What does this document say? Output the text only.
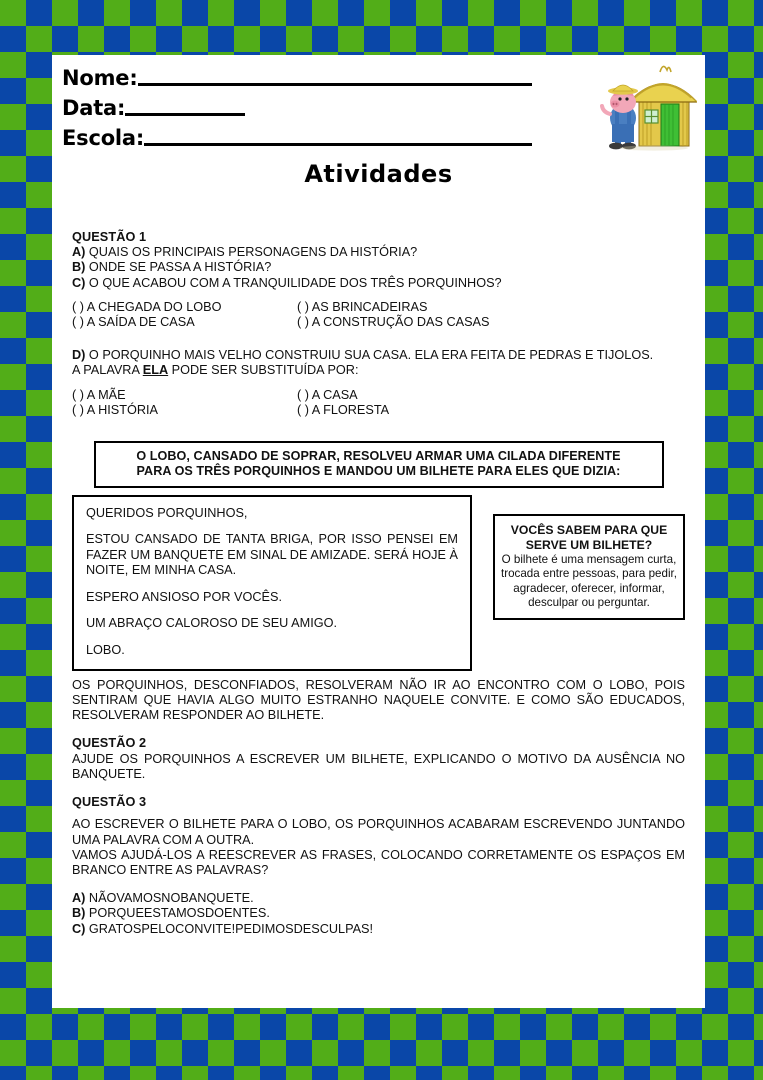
Nome:
Data:
Escola:
Atividades
QUESTÃO 1
A) QUAIS OS PRINCIPAIS PERSONAGENS DA HISTÓRIA?
B) ONDE SE PASSA A HISTÓRIA?
C) O QUE ACABOU COM A TRANQUILIDADE DOS TRÊS PORQUINHOS?
( ) A CHEGADA DO LOBO
( ) A SAÍDA DE CASA
( ) AS BRINCADEIRAS
( ) A CONSTRUÇÃO DAS CASAS

D) O PORQUINHO MAIS VELHO CONSTRUIU SUA CASA. ELA ERA FEITA DE PEDRAS E TIJOLOS.

A PALAVRA ELA PODE SER SUBSTITUÍDA POR:
( ) A MÃE
( ) A HISTÓRIA
( ) A CASA
( ) A FLORESTA
O LOBO, CANSADO DE SOPRAR, RESOLVEU ARMAR UMA CILADA DIFERENTE
PARA OS TRÊS PORQUINHOS E MANDOU UM BILHETE PARA ELES QUE DIZIA:

QUERIDOS PORQUINHOS,

ESTOU CANSADO DE TANTA BRIGA, POR ISSO PENSEI EM FAZER UM BANQUETE EM SINAL DE AMIZADE. SERÁ HOJE À NOITE, EM MINHA CASA.

ESPERO ANSIOSO POR VOCÊS.

UM ABRAÇO CALOROSO DE SEU AMIGO.

LOBO.

VOCÊS SABEM PARA QUE
SERVE UM BILHETE?
O bilhete é uma mensagem curta, trocada entre pessoas, para pedir, agradecer, oferecer, informar, desculpar ou perguntar.

OS PORQUINHOS, DESCONFIADOS, RESOLVERAM NÃO IR AO ENCONTRO COM O LOBO, POIS SENTIRAM QUE HAVIA ALGO MUITO ESTRANHO NAQUELE CONVITE. E COMO SÃO EDUCADOS, RESOLVERAM RESPONDER AO BILHETE.

QUESTÃO 2

AJUDE OS PORQUINHOS A ESCREVER UM BILHETE, EXPLICANDO O MOTIVO DA AUSÊNCIA NO BANQUETE.

QUESTÃO 3

AO ESCREVER O BILHETE PARA O LOBO, OS PORQUINHOS ACABARAM ESCREVENDO JUNTANDO UMA PALAVRA COM A OUTRA.

VAMOS AJUDÁ-LOS A REESCREVER AS FRASES, COLOCANDO CORRETAMENTE OS ESPAÇOS EM BRANCO ENTRE AS PALAVRAS?

A) NÃOVAMOSNOBANQUETE.
B) PORQUEESTAMOSDOENTES.
C) GRATOSPELOCONVITE!PEDIMOSDESCULPAS!
